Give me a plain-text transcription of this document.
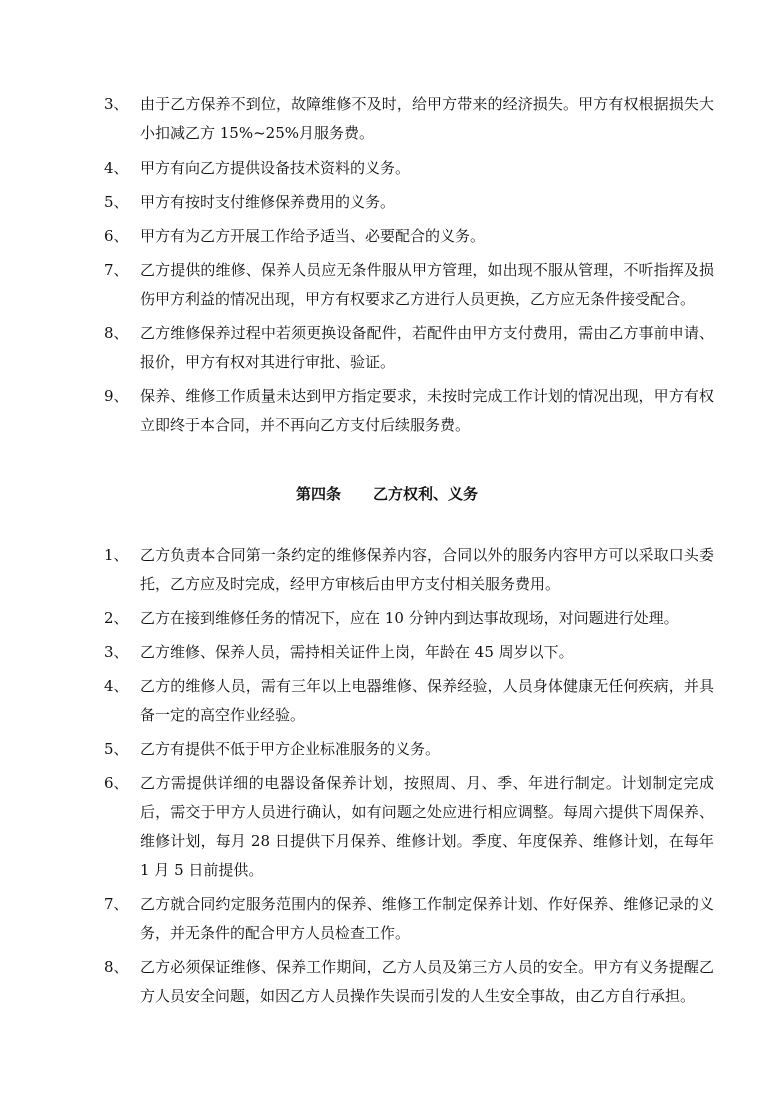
3、 由于乙方保养不到位，故障维修不及时，给甲方带来的经济损失。甲方有权根据损失大小扣减乙方 15%~25%月服务费。
4、 甲方有向乙方提供设备技术资料的义务。
5、 甲方有按时支付维修保养费用的义务。
6、 甲方有为乙方开展工作给予适当、必要配合的义务。
7、 乙方提供的维修、保养人员应无条件服从甲方管理，如出现不服从管理，不听指挥及损伤甲方利益的情况出现，甲方有权要求乙方进行人员更换，乙方应无条件接受配合。
8、 乙方维修保养过程中若须更换设备配件，若配件由甲方支付费用，需由乙方事前申请、报价，甲方有权对其进行审批、验证。
9、 保养、维修工作质量未达到甲方指定要求，未按时完成工作计划的情况出现，甲方有权立即终于本合同，并不再向乙方支付后续服务费。
第四条 乙方权利、义务
1、 乙方负责本合同第一条约定的维修保养内容，合同以外的服务内容甲方可以采取口头委托，乙方应及时完成，经甲方审核后由甲方支付相关服务费用。
2、 乙方在接到维修任务的情况下，应在 10 分钟内到达事故现场，对问题进行处理。
3、 乙方维修、保养人员，需持相关证件上岗，年龄在 45 周岁以下。
4、 乙方的维修人员，需有三年以上电器维修、保养经验，人员身体健康无任何疾病，并具备一定的高空作业经验。
5、 乙方有提供不低于甲方企业标准服务的义务。
6、 乙方需提供详细的电器设备保养计划，按照周、月、季、年进行制定。计划制定完成后，需交于甲方人员进行确认，如有问题之处应进行相应调整。每周六提供下周保养、维修计划，每月 28 日提供下月保养、维修计划。季度、年度保养、维修计划，在每年 1 月 5 日前提供。
7、 乙方就合同约定服务范围内的保养、维修工作制定保养计划、作好保养、维修记录的义务，并无条件的配合甲方人员检查工作。
8、 乙方必须保证维修、保养工作期间，乙方人员及第三方人员的安全。甲方有义务提醒乙方人员安全问题，如因乙方人员操作失误而引发的人生安全事故，由乙方自行承担。
